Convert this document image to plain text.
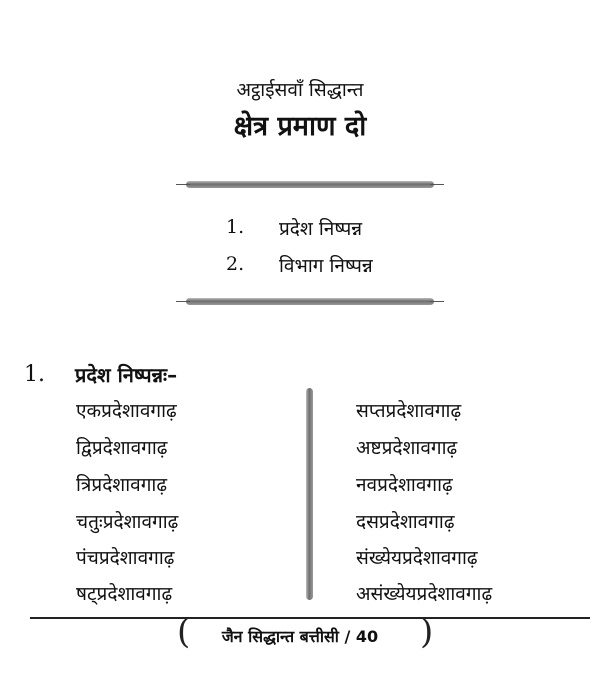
अट्ठाईसवाँ सिद्धान्त
क्षेत्र प्रमाण दो
1. प्रदेश निष्पन्न
2. विभाग निष्पन्न
1. प्रदेश निष्पन्नः–
एकप्रदेशावगाढ़
द्विप्रदेशावगाढ़
त्रिप्रदेशावगाढ़
चतुःप्रदेशावगाढ़
पंचप्रदेशावगाढ़
षट्प्रदेशावगाढ़
सप्तप्रदेशावगाढ़
अष्टप्रदेशावगाढ़
नवप्रदेशावगाढ़
दसप्रदेशावगाढ़
संख्येयप्रदेशावगाढ़
असंख्येयप्रदेशावगाढ़
(	)
जैन सिद्धान्त बत्तीसी / 40
